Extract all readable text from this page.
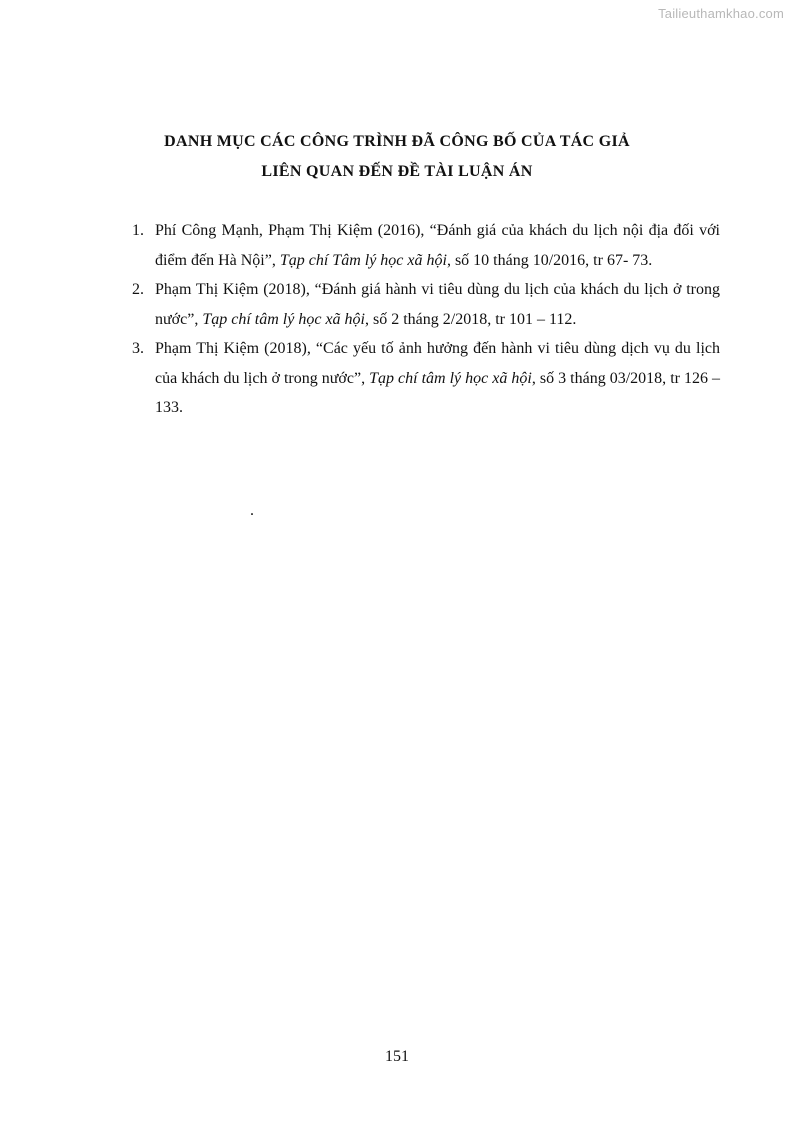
Tailieuthamkhao.com
DANH MỤC CÁC CÔNG TRÌNH ĐÃ CÔNG BỐ CỦA TÁC GIẢ
LIÊN QUAN ĐẾN ĐỀ TÀI LUẬN ÁN
1. Phí Công Mạnh, Phạm Thị Kiệm (2016), “Đánh giá của khách du lịch nội địa đối với điểm đến Hà Nội”, Tạp chí Tâm lý học xã hội, số 10 tháng 10/2016, tr 67- 73.
2. Phạm Thị Kiệm (2018), “Đánh giá hành vi tiêu dùng du lịch của khách du lịch ở trong nước”, Tạp chí tâm lý học xã hội, số 2 tháng 2/2018, tr 101 – 112.
3. Phạm Thị Kiệm (2018), “Các yếu tố ảnh hưởng đến hành vi tiêu dùng dịch vụ du lịch của khách du lịch ở trong nước”, Tạp chí tâm lý học xã hội, số 3 tháng 03/2018, tr 126 – 133.
.
151
